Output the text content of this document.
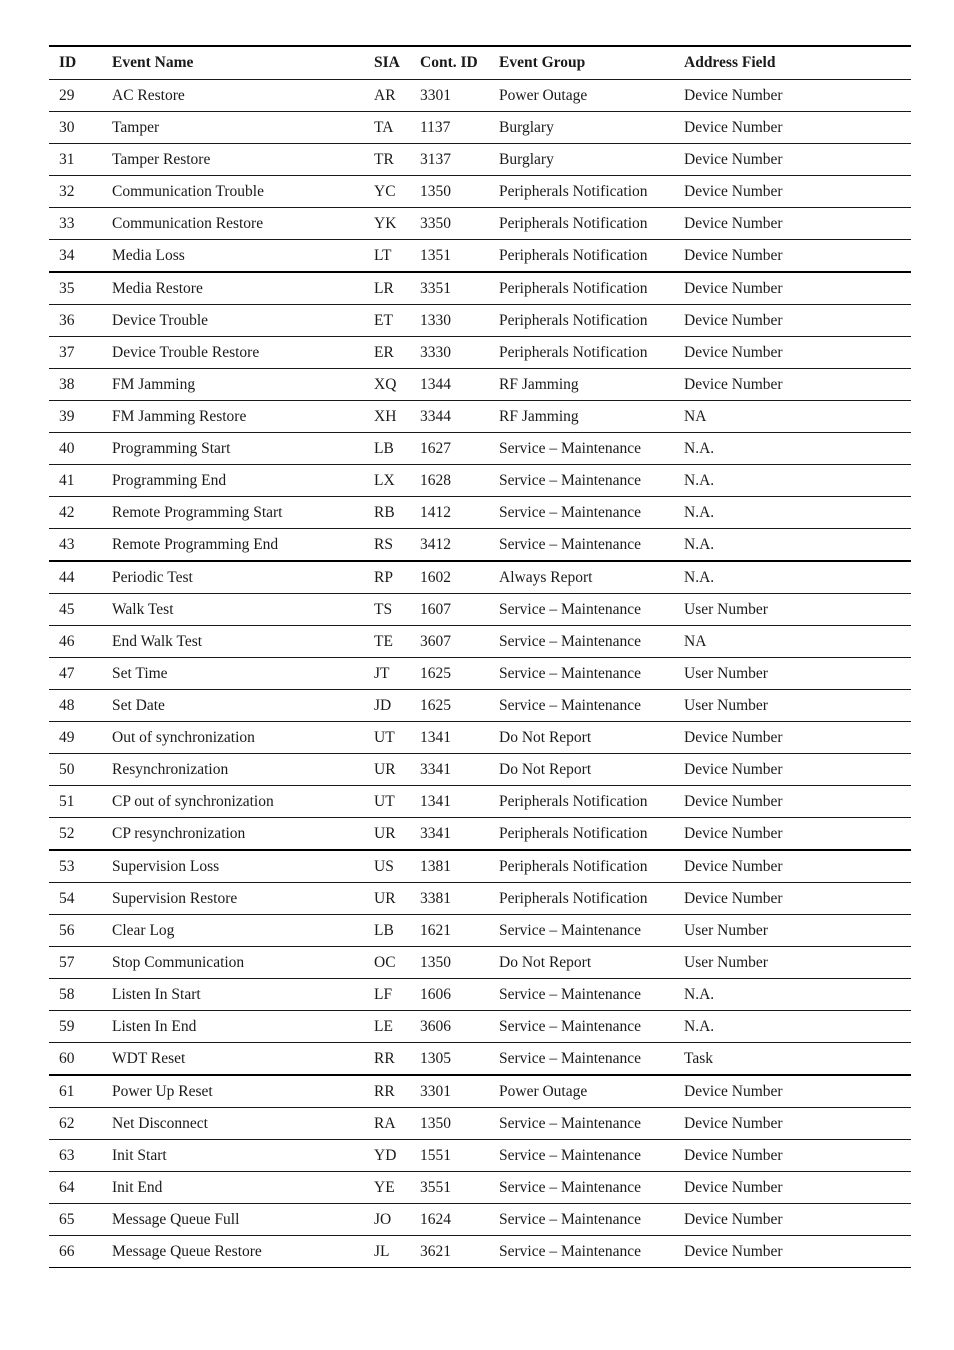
ID	Event Name	SIA	Cont. ID	Event Group	Address Field
29	AC Restore	AR	3301	Power Outage	Device Number
30	Tamper	TA	1137	Burglary	Device Number
31	Tamper Restore	TR	3137	Burglary	Device Number
32	Communication Trouble	YC	1350	Peripherals Notification	Device Number
33	Communication Restore	YK	3350	Peripherals Notification	Device Number
34	Media Loss	LT	1351	Peripherals Notification	Device Number
35	Media Restore	LR	3351	Peripherals Notification	Device Number
36	Device Trouble	ET	1330	Peripherals Notification	Device Number
37	Device Trouble Restore	ER	3330	Peripherals Notification	Device Number
38	FM Jamming	XQ	1344	RF Jamming	Device Number
39	FM Jamming Restore	XH	3344	RF Jamming	NA
40	Programming Start	LB	1627	Service – Maintenance	N.A.
41	Programming End	LX	1628	Service – Maintenance	N.A.
42	Remote Programming Start	RB	1412	Service – Maintenance	N.A.
43	Remote Programming End	RS	3412	Service – Maintenance	N.A.
44	Periodic Test	RP	1602	Always Report	N.A.
45	Walk Test	TS	1607	Service – Maintenance	User Number
46	End Walk Test	TE	3607	Service – Maintenance	NA
47	Set Time	JT	1625	Service – Maintenance	User Number
48	Set Date	JD	1625	Service – Maintenance	User Number
49	Out of synchronization	UT	1341	Do Not Report	Device Number
50	Resynchronization	UR	3341	Do Not Report	Device Number
51	CP out of synchronization	UT	1341	Peripherals Notification	Device Number
52	CP resynchronization	UR	3341	Peripherals Notification	Device Number
53	Supervision Loss	US	1381	Peripherals Notification	Device Number
54	Supervision Restore	UR	3381	Peripherals Notification	Device Number
56	Clear Log	LB	1621	Service – Maintenance	User Number
57	Stop Communication	OC	1350	Do Not Report	User Number
58	Listen In Start	LF	1606	Service – Maintenance	N.A.
59	Listen In End	LE	3606	Service – Maintenance	N.A.
60	WDT Reset	RR	1305	Service – Maintenance	Task
61	Power Up Reset	RR	3301	Power Outage	Device Number
62	Net Disconnect	RA	1350	Service – Maintenance	Device Number
63	Init Start	YD	1551	Service – Maintenance	Device Number
64	Init End	YE	3551	Service – Maintenance	Device Number
65	Message Queue Full	JO	1624	Service – Maintenance	Device Number
66	Message Queue Restore	JL	3621	Service – Maintenance	Device Number
